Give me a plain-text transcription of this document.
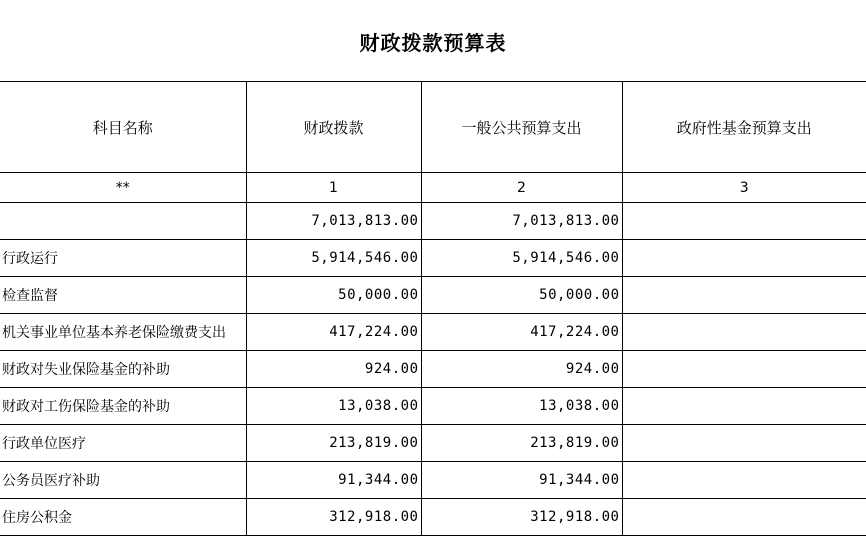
财政拨款预算表
科目名称	财政拨款	一般公共预算支出	政府性基金预算支出
**	1	2	3
	7,013,813.00	7,013,813.00	
行政运行	5,914,546.00	5,914,546.00	
检查监督	50,000.00	50,000.00	
机关事业单位基本养老保险缴费支出	417,224.00	417,224.00	
财政对失业保险基金的补助	924.00	924.00	
财政对工伤保险基金的补助	13,038.00	13,038.00	
行政单位医疗	213,819.00	213,819.00	
公务员医疗补助	91,344.00	91,344.00	
住房公积金	312,918.00	312,918.00	
